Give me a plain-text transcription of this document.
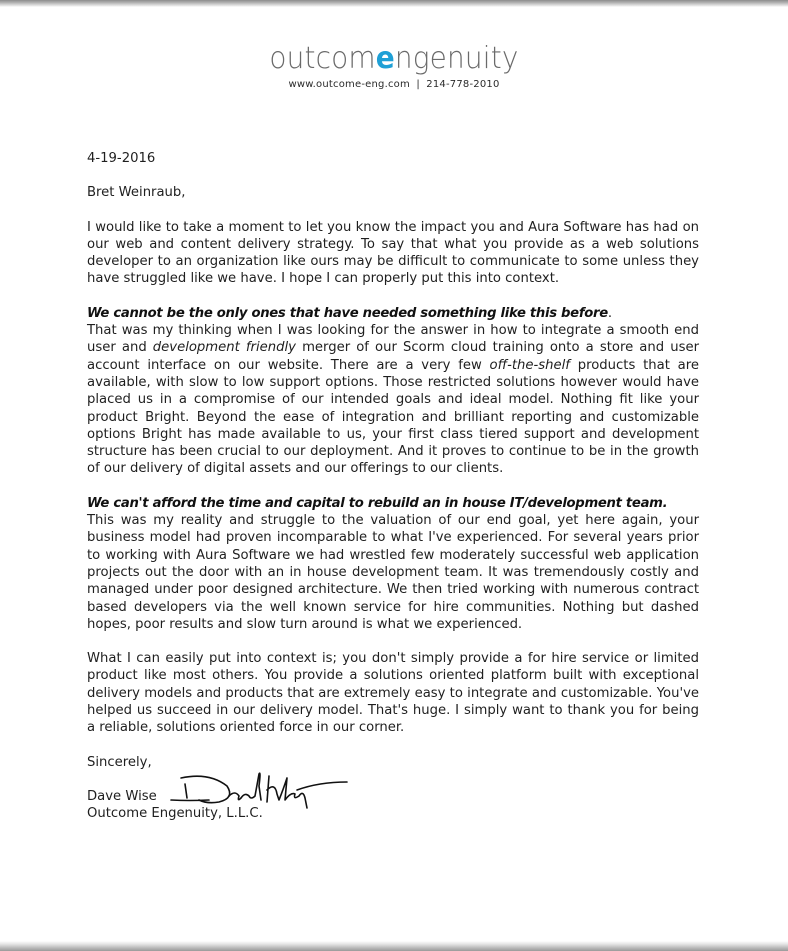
outcomengenuity
www.outcome-eng.com | 214-778-2010

4-19-2016

Bret Weinraub,

I would like to take a moment to let you know the impact you and Aura Software has had on our web and content delivery strategy. To say that what you provide as a web solutions developer to an organization like ours may be difficult to communicate to some unless they have struggled like we have. I hope I can properly put this into context.

We cannot be the only ones that have needed something like this before.

That was my thinking when I was looking for the answer in how to integrate a smooth end user and development friendly merger of our Scorm cloud training onto a store and user account interface on our website. There are a very few off-the-shelf products that are available, with slow to low support options. Those restricted solutions however would have placed us in a compromise of our intended goals and ideal model. Nothing fit like your product Bright. Beyond the ease of integration and brilliant reporting and customizable options Bright has made available to us, your first class tiered support and development structure has been crucial to our deployment. And it proves to continue to be in the growth of our delivery of digital assets and our offerings to our clients.

We can't afford the time and capital to rebuild an in house IT/development team.

This was my reality and struggle to the valuation of our end goal, yet here again, your business model had proven incomparable to what I've experienced. For several years prior to working with Aura Software we had wrestled few moderately successful web application projects out the door with an in house development team. It was tremendously costly and managed under poor designed architecture. We then tried working with numerous contract based developers via the well known service for hire communities. Nothing but dashed hopes, poor results and slow turn around is what we experienced.

What I can easily put into context is; you don't simply provide a for hire service or limited product like most others. You provide a solutions oriented platform built with exceptional delivery models and products that are extremely easy to integrate and customizable. You've helped us succeed in our delivery model. That's huge. I simply want to thank you for being a reliable, solutions oriented force in our corner.

Sincerely,

Dave Wise

Outcome Engenuity, L.L.C.
